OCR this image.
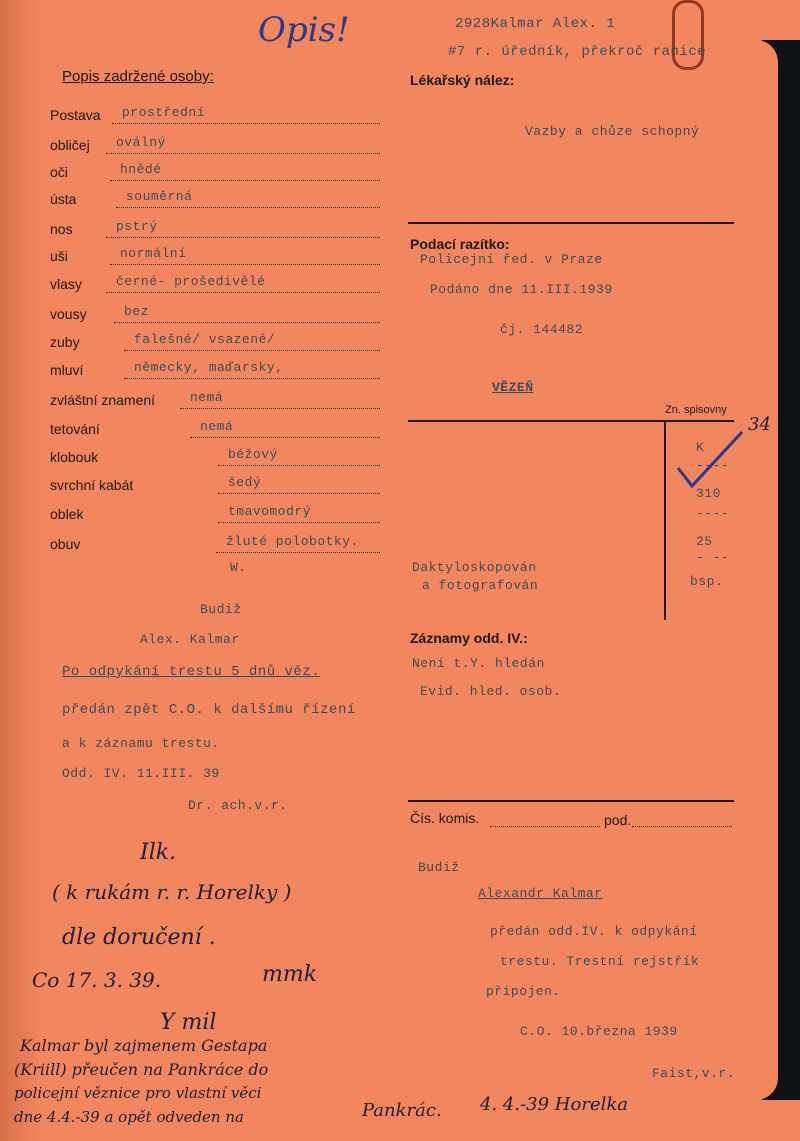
Opis!	2928Kalmar Alex. 1
#7 r. úředník, překroč ranice
Popis zadržené osoby:
Postava prostřední
obličej oválný
oči	hnědé
ústa	souměrná
nos	pstrý
uši	normální
vlasy	černé- prošedivělé
vousy	bez
zuby	falešné/ vsazené/
mluví	německy, maďarsky,
zvláštní znamení	nemá
tetování	nemá
klobouk	béžový
svrchní kabát	šedý
oblek	tmavomodrý
obuv	žluté polobotky.
W.
Budiž
Alex. Kalmar
Po odpykání trestu 5 dnů věz.
předán zpět C.O. k dalšímu řízení
a k záznamu trestu.
Odd. IV. 11.III. 39
Dr. ach.v.r.
Ilk.
( k rukám r. r. Horelky )
dle doručení .
Co 17. 3. 39.	mmk
Y mil
Kalmar byl zajmenem Gestapa
(Kriill) přeučen na Pankráce do
policejní věznice pro vlastní věci
dne 4.4.-39 a opět odveden na	Pankrác. 4. 4.-39 Horelka
Lékařský nález:
Vazby a chůze schopný
Podací razítko:
Policejní řed. v Praze
Podáno dne 11.III.1939
čj. 144482
VĚZEŇ
Zn. spisovny
34
K
----
310
----
25
- --
bsp.
Daktyloskopován
a fotografován
Záznamy odd. IV.:
Není t.Y. hledán
Evid. hled. osob.
Čís. komis.	pod.
Budiž
Alexandr Kalmar
předán odd.IV. k odpykání
trestu. Trestní rejstřík
připojen.
C.O. 10.března 1939
Faist,v.r.
